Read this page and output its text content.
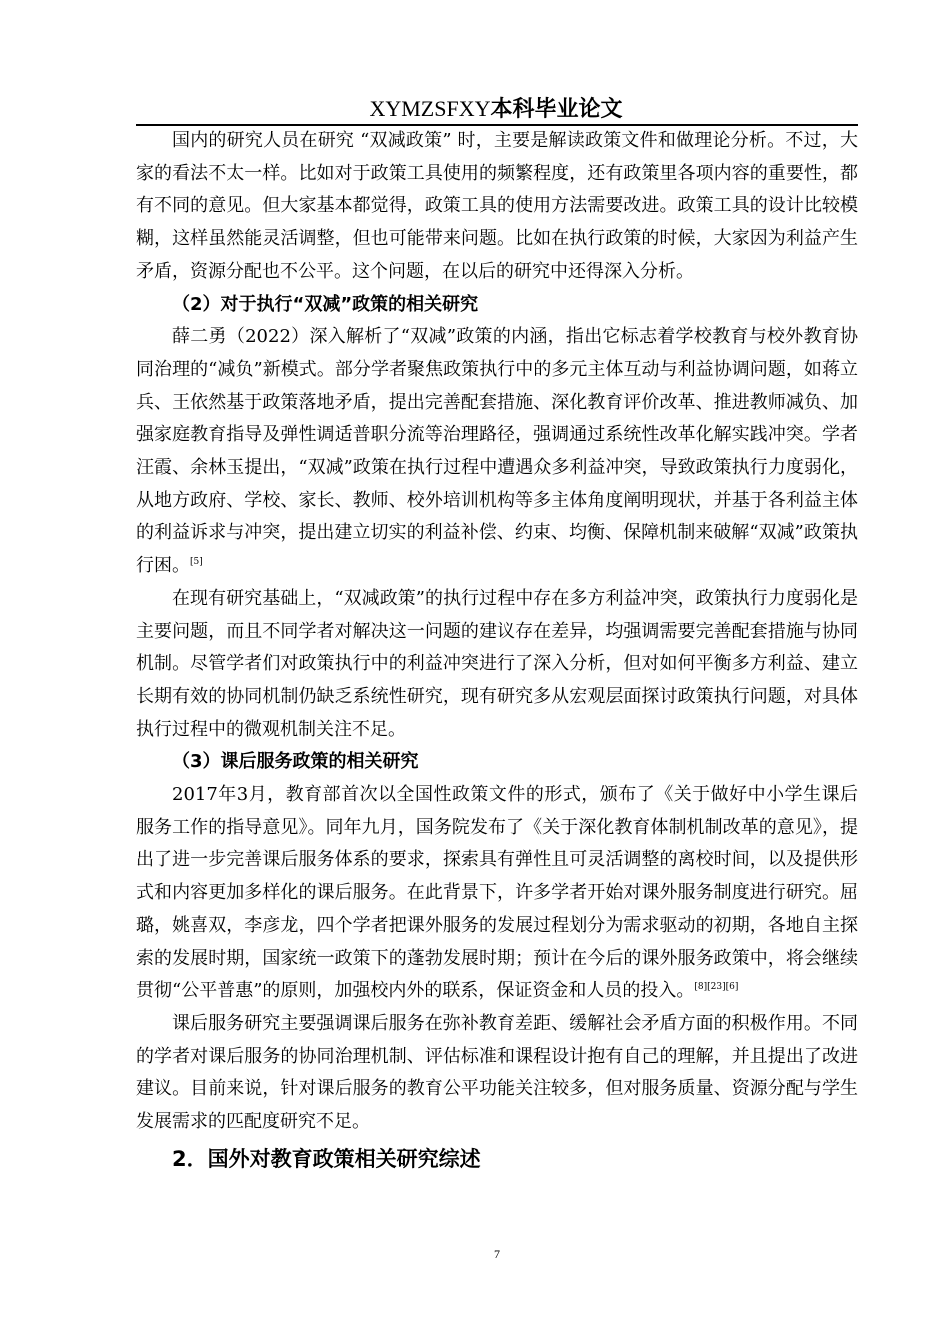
XYMZSFXY本科毕业论文

国内的研究人员在研究 “双减政策” 时，主要是解读政策文件和做理论分析。不过，大家的看法不太一样。比如对于政策工具使用的频繁程度，还有政策里各项内容的重要性，都有不同的意见。但大家基本都觉得，政策工具的使用方法需要改进。政策工具的设计比较模糊，这样虽然能灵活调整，但也可能带来问题。比如在执行政策的时候，大家因为利益产生矛盾，资源分配也不公平。这个问题，在以后的研究中还得深入分析。

（2）对于执行“双减”政策的相关研究

薛二勇（2022）深入解析了“双减”政策的内涵，指出它标志着学校教育与校外教育协同治理的“减负”新模式。部分学者聚焦政策执行中的多元主体互动与利益协调问题，如蒋立兵、王依然基于政策落地矛盾，提出完善配套措施、深化教育评价改革、推进教师减负、加强家庭教育指导及弹性调适普职分流等治理路径，强调通过系统性改革化解实践冲突。学者汪霞、余林玉提出，“双减”政策在执行过程中遭遇众多利益冲突，导致政策执行力度弱化，从地方政府、学校、家长、教师、校外培训机构等多主体角度阐明现状，并基于各利益主体的利益诉求与冲突，提出建立切实的利益补偿、约束、均衡、保障机制来破解“双减”政策执行困。[5]

在现有研究基础上，“双减政策”的执行过程中存在多方利益冲突，政策执行力度弱化是主要问题，而且不同学者对解决这一问题的建议存在差异，均强调需要完善配套措施与协同机制。尽管学者们对政策执行中的利益冲突进行了深入分析，但对如何平衡多方利益、建立长期有效的协同机制仍缺乏系统性研究，现有研究多从宏观层面探讨政策执行问题，对具体执行过程中的微观机制关注不足。

（3）课后服务政策的相关研究

2017年3月，教育部首次以全国性政策文件的形式，颁布了《关于做好中小学生课后服务工作的指导意见》。同年九月，国务院发布了《关于深化教育体制机制改革的意见》，提出了进一步完善课后服务体系的要求，探索具有弹性且可灵活调整的离校时间，以及提供形式和内容更加多样化的课后服务。在此背景下，许多学者开始对课外服务制度进行研究。屈璐，姚喜双，李彦龙，四个学者把课外服务的发展过程划分为需求驱动的初期，各地自主探索的发展时期，国家统一政策下的蓬勃发展时期；预计在今后的课外服务政策中，将会继续贯彻“公平普惠”的原则，加强校内外的联系，保证资金和人员的投入。[8][23][6]

课后服务研究主要强调课后服务在弥补教育差距、缓解社会矛盾方面的积极作用。不同的学者对课后服务的协同治理机制、评估标准和课程设计抱有自己的理解，并且提出了改进建议。目前来说，针对课后服务的教育公平功能关注较多，但对服务质量、资源分配与学生发展需求的匹配度研究不足。

2．国外对教育政策相关研究综述

7
